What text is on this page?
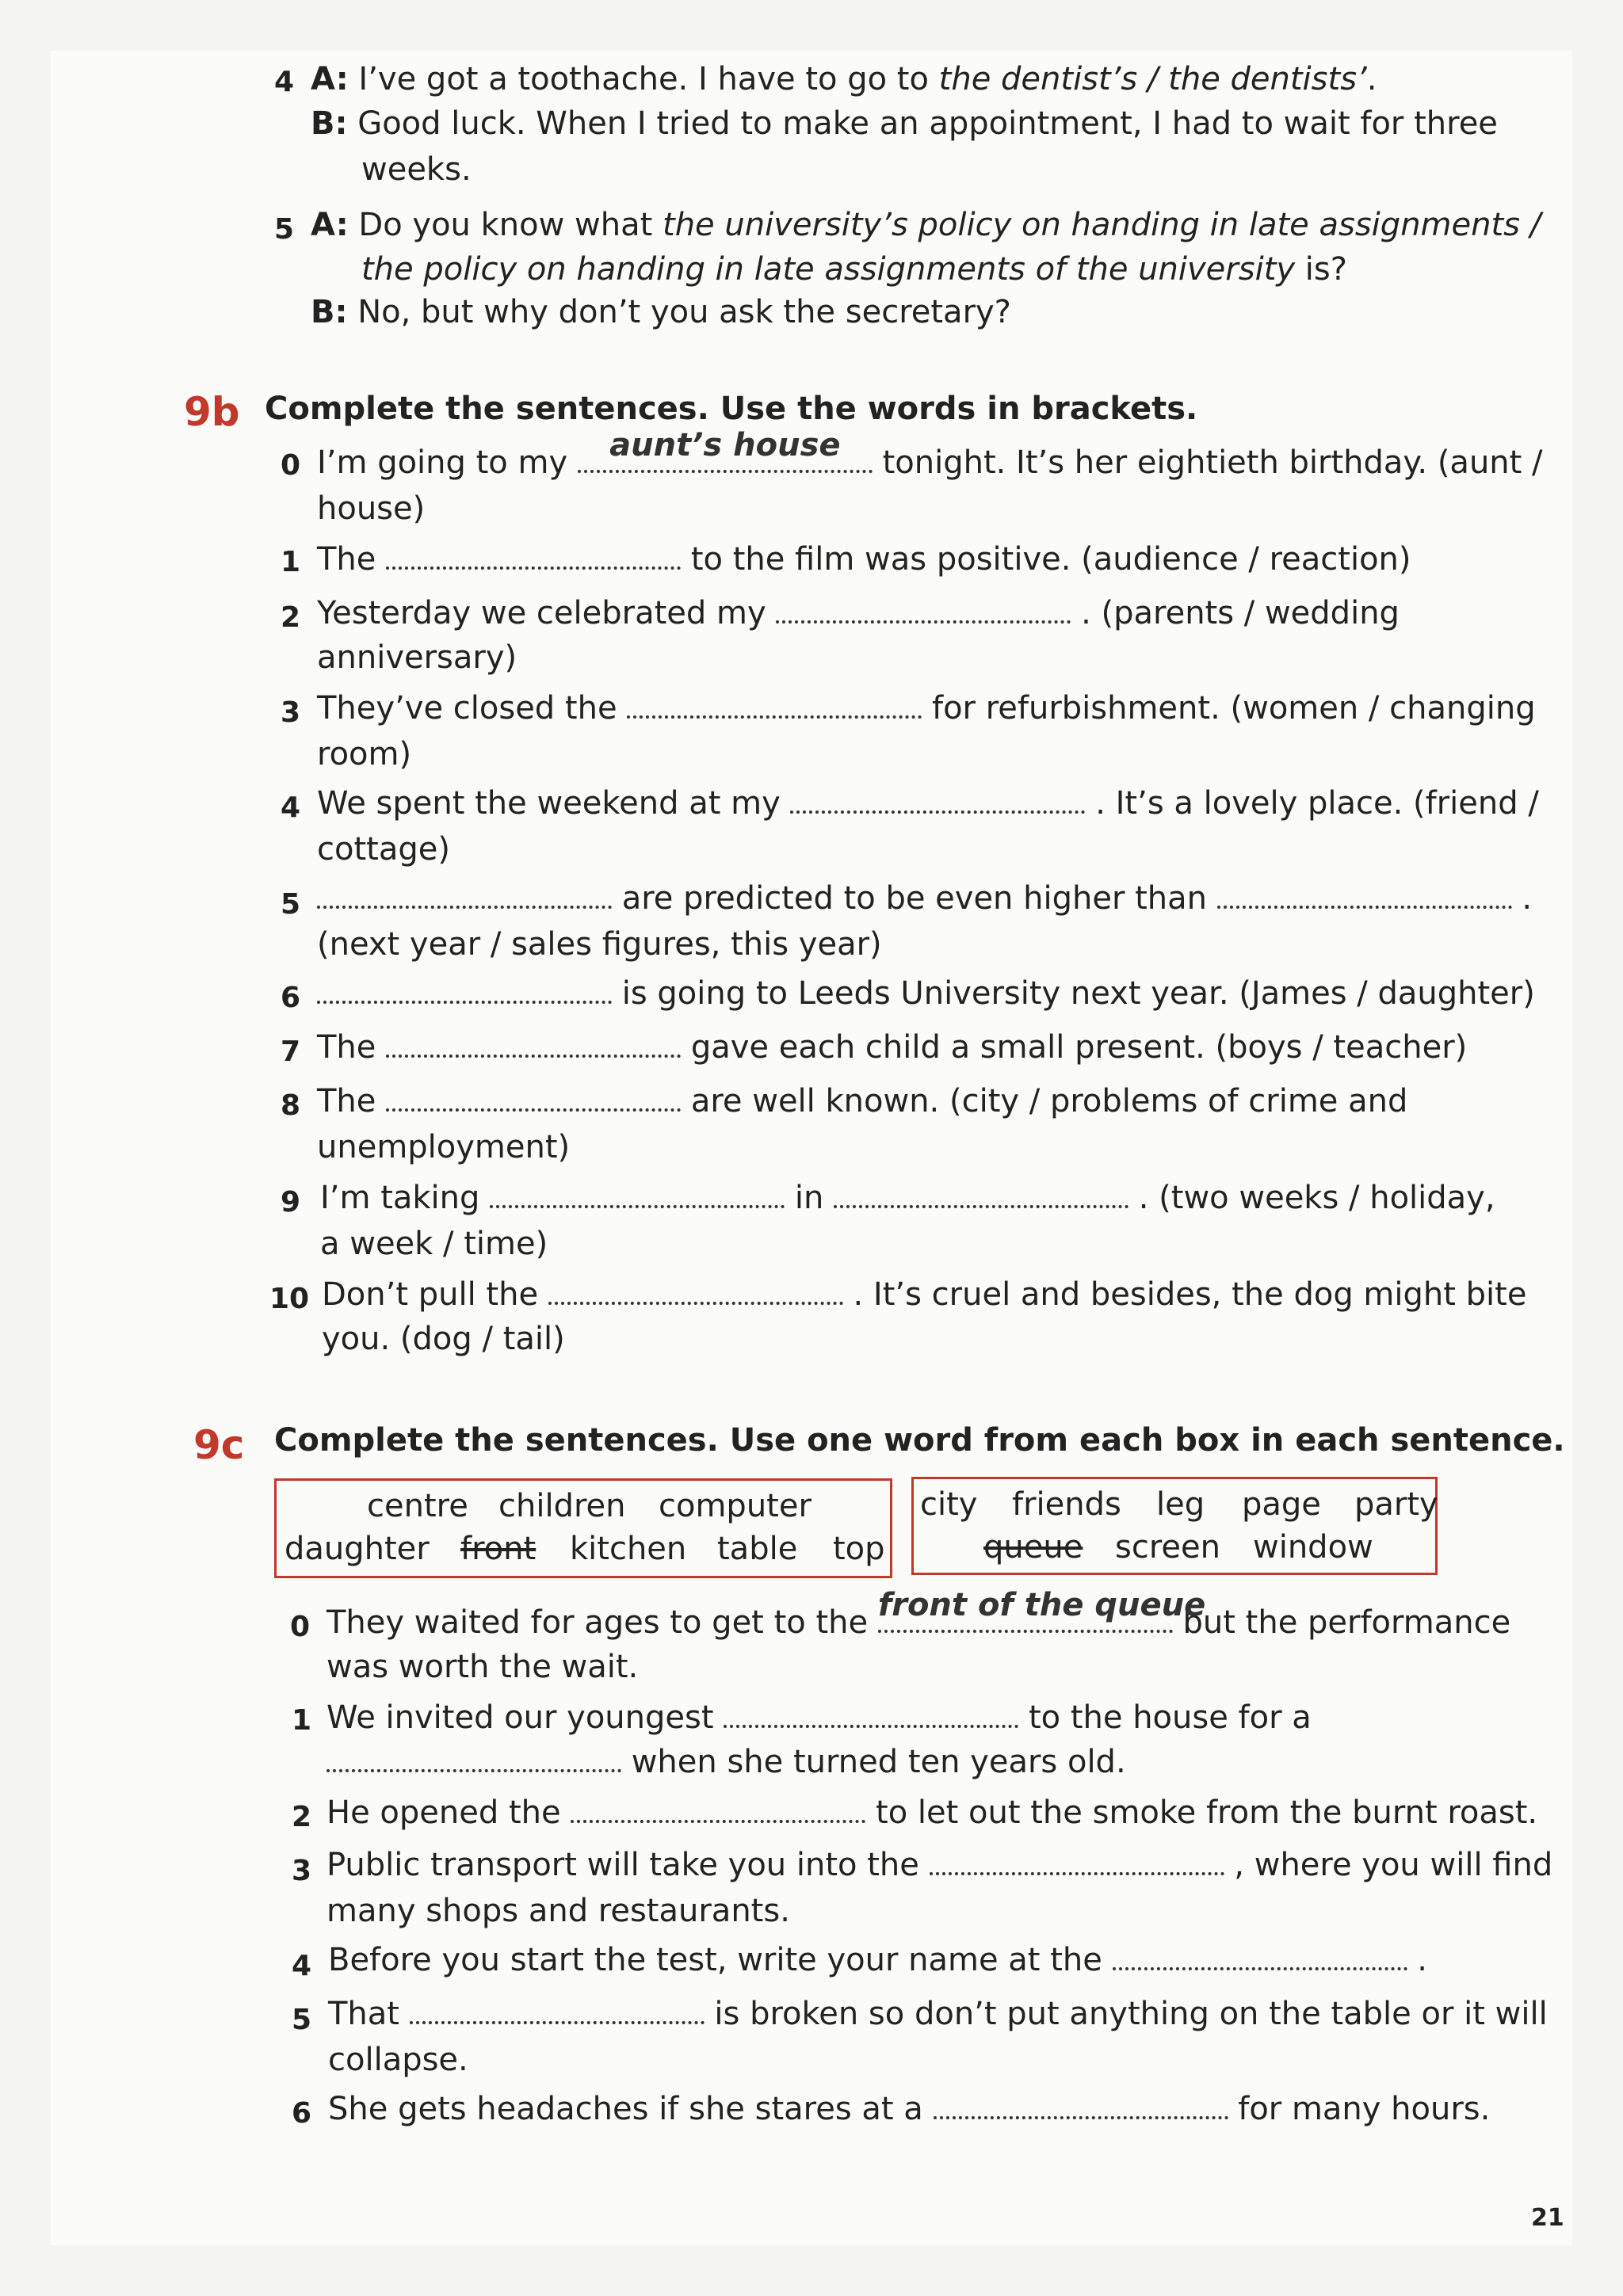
4 A: I’ve got a toothache. I have to go to the dentist’s / the dentists’.
B: Good luck. When I tried to make an appointment, I had to wait for three
weeks.
5 A: Do you know what the university’s policy on handing in late assignments /
the policy on handing in late assignments of the university is?
B: No, but why don’t you ask the secretary?
9b Complete the sentences. Use the words in brackets.
0 I’m going to my	aunt’s house	tonight. It’s her eightieth birthday. (aunt /
house)
1 The	to the film was positive. (audience / reaction)
2 Yesterday we celebrated my	. (parents / wedding
anniversary)
3 They’ve closed the	for refurbishment. (women / changing
room)
4 We spent the weekend at my	. It’s a lovely place. (friend /
cottage)
5	are predicted to be even higher than	.
(next year / sales figures, this year)
6	is going to Leeds University next year. (James / daughter)
7 The	gave each child a small present. (boys / teacher)
8 The	are well known. (city / problems of crime and
unemployment)
9 I’m taking	in	. (two weeks / holiday,
a week / time)
10 Don’t pull the	. It’s cruel and besides, the dog might bite
you. (dog / tail)
9c Complete the sentences. Use one word from each box in each sentence.
centre children computer
daughter front kitchen table top
city friends leg page party
queue screen window
0 They waited for ages to get to the front of the queue
but the performance
was worth the wait.
1 We invited our youngest	to the house for a
when she turned ten years old.
2 He opened the	to let out the smoke from the burnt roast.
3 Public transport will take you into the	, where you will find
many shops and restaurants.
4 Before you start the test, write your name at the	.
5 That	is broken so don’t put anything on the table or it will
collapse.
6 She gets headaches if she stares at a	for many hours.
21
